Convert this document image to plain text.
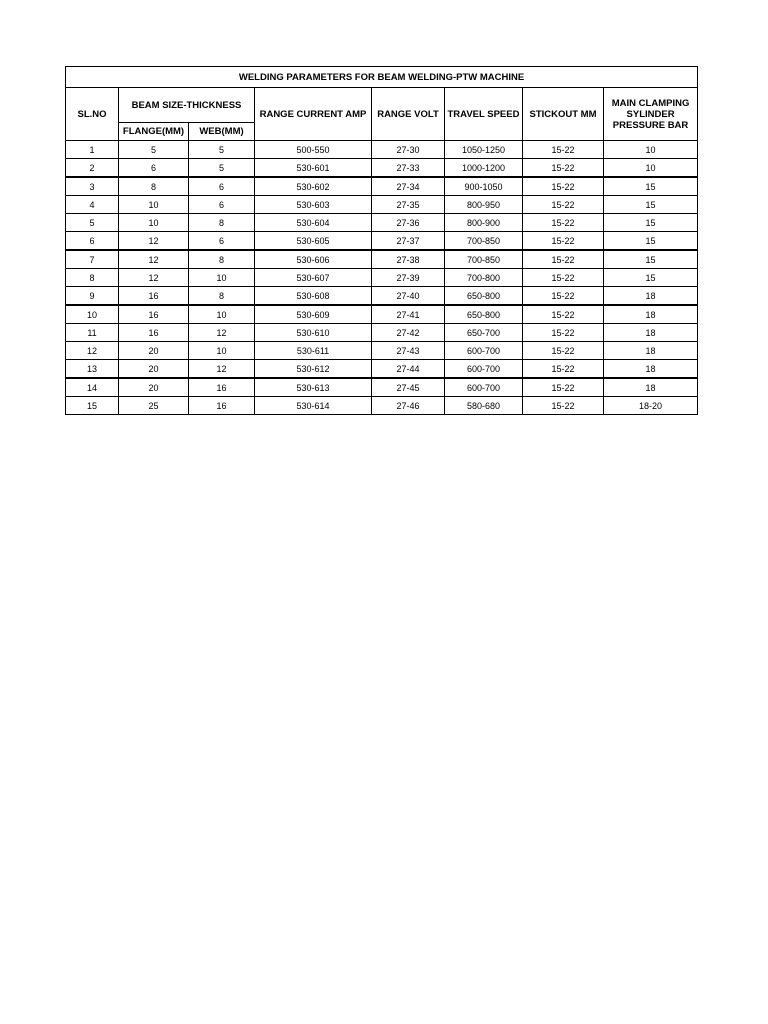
WELDING PARAMETERS FOR BEAM WELDING-PTW MACHINE							
SL.NO	BEAM SIZE-THICKNESS		RANGE CURRENT AMP	RANGE VOLT	TRAVEL SPEED	STICKOUT MM	MAIN CLAMPING SYLINDER PRESSURE BAR
	FLANGE(MM)	WEB(MM)					
1	5	5	500-550	27-30	1050-1250	15-22	10
2	6	5	530-601	27-33	1000-1200	15-22	10
3	8	6	530-602	27-34	900-1050	15-22	15
4	10	6	530-603	27-35	800-950	15-22	15
5	10	8	530-604	27-36	800-900	15-22	15
6	12	6	530-605	27-37	700-850	15-22	15
7	12	8	530-606	27-38	700-850	15-22	15
8	12	10	530-607	27-39	700-800	15-22	15
9	16	8	530-608	27-40	650-800	15-22	18
10	16	10	530-609	27-41	650-800	15-22	18
11	16	12	530-610	27-42	650-700	15-22	18
12	20	10	530-611	27-43	600-700	15-22	18
13	20	12	530-612	27-44	600-700	15-22	18
14	20	16	530-613	27-45	600-700	15-22	18
15	25	16	530-614	27-46	580-680	15-22	18-20
